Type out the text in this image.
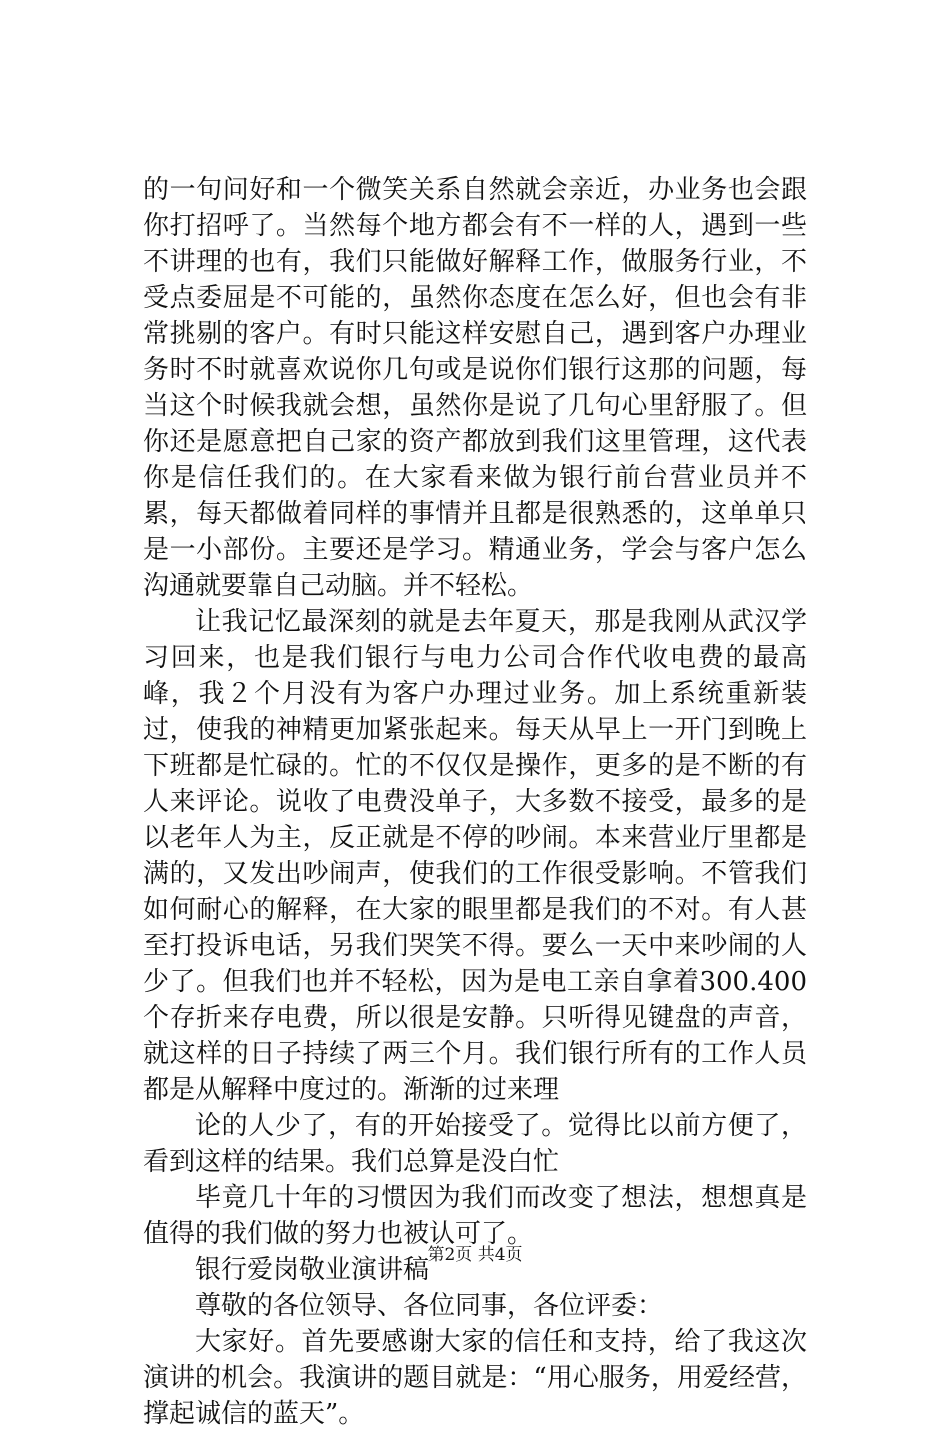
的一句问好和一个微笑关系自然就会亲近，办业务也会跟你打招呼了。当然每个地方都会有不一样的人，遇到一些不讲理的也有，我们只能做好解释工作，做服务行业，不受点委屈是不可能的，虽然你态度在怎么好，但也会有非常挑剔的客户。有时只能这样安慰自己，遇到客户办理业务时不时就喜欢说你几句或是说你们银行这那的问题，每当这个时候我就会想，虽然你是说了几句心里舒服了。但你还是愿意把自己家的资产都放到我们这里管理，这代表你是信任我们的。在大家看来做为银行前台营业员并不累，每天都做着同样的事情并且都是很熟悉的，这单单只是一小部份。主要还是学习。精通业务，学会与客户怎么沟通就要靠自己动脑。并不轻松。

让我记忆最深刻的就是去年夏天，那是我刚从武汉学习回来，也是我们银行与电力公司合作代收电费的最高峰，我２个月没有为客户办理过业务。加上系统重新装过，使我的神精更加紧张起来。每天从早上一开门到晚上下班都是忙碌的。忙的不仅仅是操作，更多的是不断的有人来评论。说收了电费没单子，大多数不接受，最多的是以老年人为主，反正就是不停的吵闹。本来营业厅里都是满的，又发出吵闹声，使我们的工作很受影响。不管我们如何耐心的解释，在大家的眼里都是我们的不对。有人甚至打投诉电话，另我们哭笑不得。要么一天中来吵闹的人少了。但我们也并不轻松，因为是电工亲自拿着300.400个存折来存电费，所以很是安静。只听得见键盘的声音，就这样的日子持续了两三个月。我们银行所有的工作人员都是从解释中度过的。渐渐的过来理

论的人少了，有的开始接受了。觉得比以前方便了，看到这样的结果。我们总算是没白忙

毕竟几十年的习惯因为我们而改变了想法，想想真是值得的我们做的努力也被认可了。

银行爱岗敬业演讲稿

尊敬的各位领导、各位同事，各位评委：

大家好。首先要感谢大家的信任和支持，给了我这次演讲的机会。我演讲的题目就是：“用心服务，用爱经营，撑起诚信的蓝天”。

第2页 共4页
